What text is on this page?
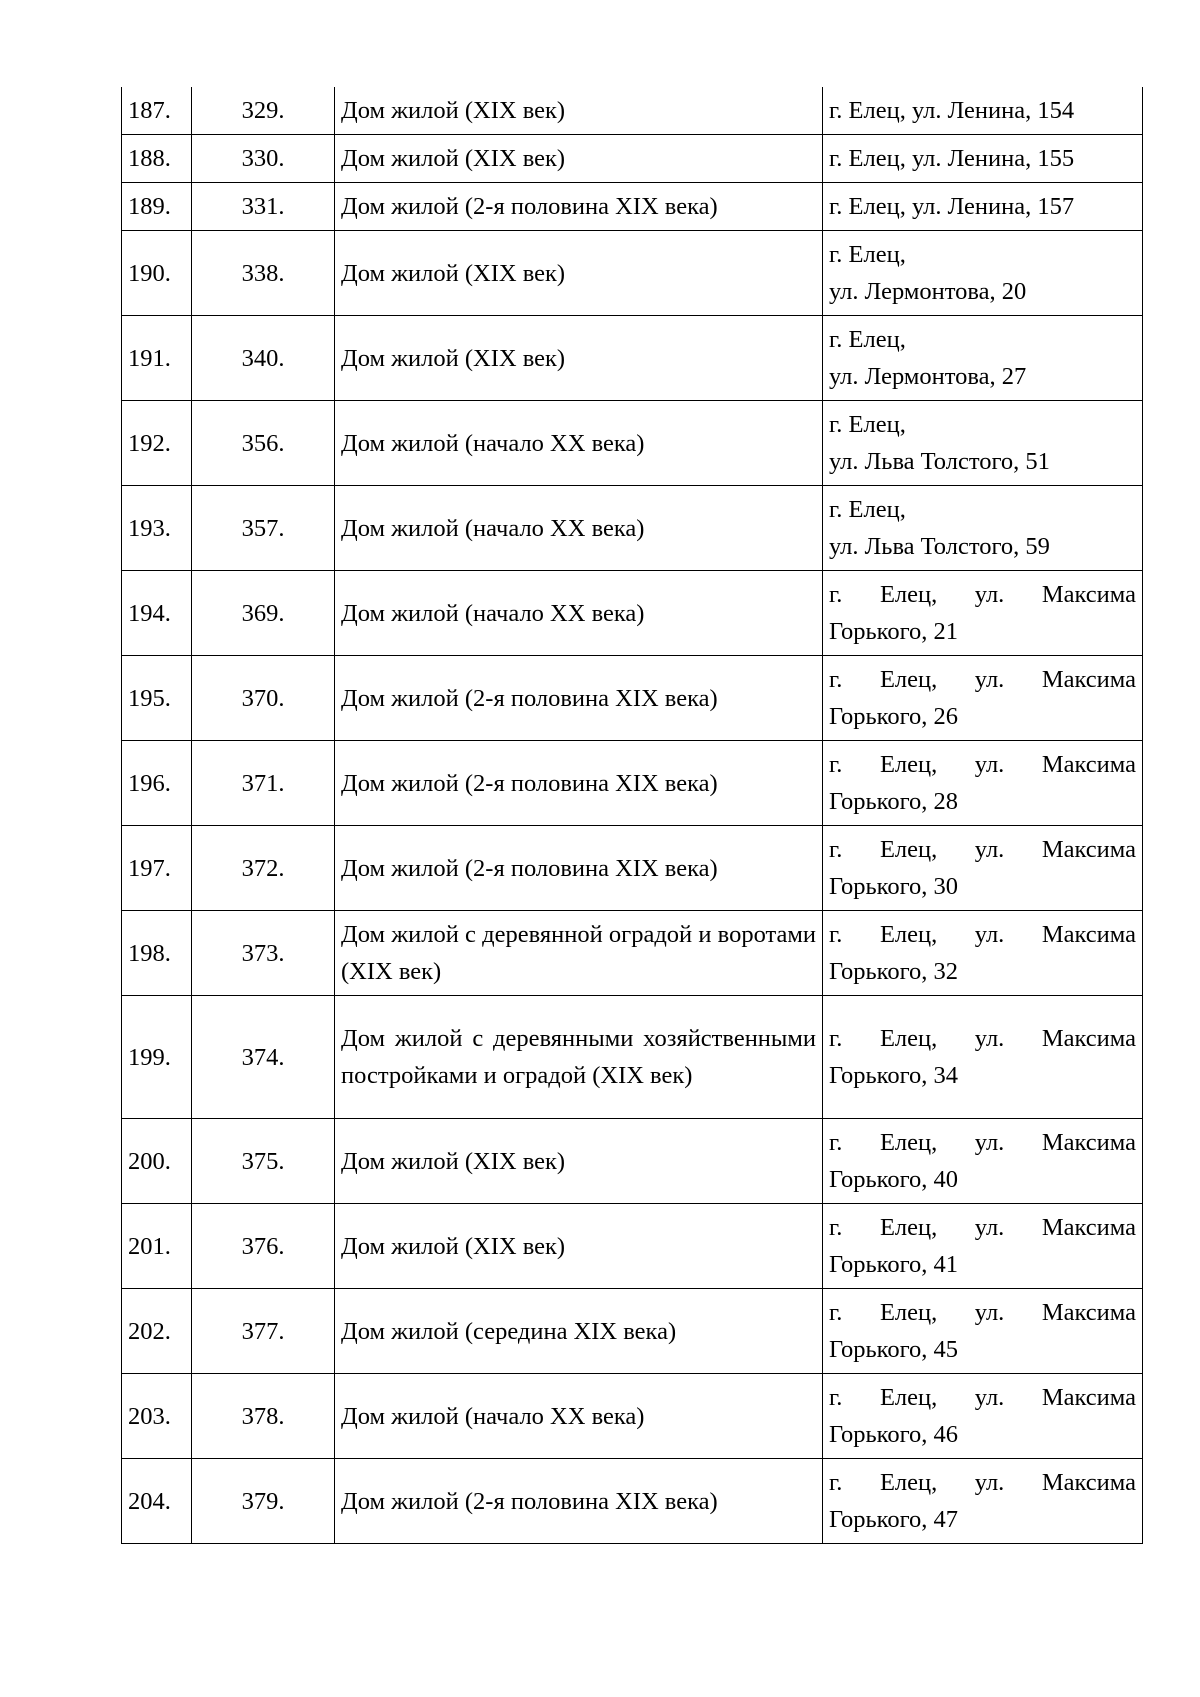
187.	329.	Дом жилой (XIX век)	г. Елец, ул. Ленина, 154

188.	330.	Дом жилой (XIX век)	г. Елец, ул. Ленина, 155

189.	331.	Дом жилой (2-я половина XIX века)	г. Елец, ул. Ленина, 157

190.	338.	Дом жилой (XIX век)	г. Елец,
ул. Лермонтова, 20

191.	340.	Дом жилой (XIX век)	г. Елец,
ул. Лермонтова, 27

192.	356.	Дом жилой (начало XX века)	г. Елец,
ул. Льва Толстого, 51

193.	357.	Дом жилой (начало XX века)	г. Елец,
ул. Льва Толстого, 59

194.	369.	Дом жилой (начало XX века)	г. Елец, ул. Максима
Горького, 21

195.	370.	Дом жилой (2-я половина XIX века)	г. Елец, ул. Максима
Горького, 26

196.	371.	Дом жилой (2-я половина XIX века)	г. Елец, ул. Максима
Горького, 28

197.	372.	Дом жилой (2-я половина XIX века)	г. Елец, ул. Максима
Горького, 30

198.	373.	Дом жилой с деревянной оградой и воротами (XIX век)	г. Елец, ул. Максима
Горького, 32

199.	374.	Дом жилой с деревянными хозяйственными постройками и оградой (XIX век)	г. Елец, ул. Максима
Горького, 34

200.	375.	Дом жилой (XIX век)	г. Елец, ул. Максима
Горького, 40

201.	376.	Дом жилой (XIX век)	г. Елец, ул. Максима
Горького, 41

202.	377.	Дом жилой (середина XIX века)	г. Елец, ул. Максима
Горького, 45

203.	378.	Дом жилой (начало XX века)	г. Елец, ул. Максима
Горького, 46

204.	379.	Дом жилой (2-я половина XIX века)	г. Елец, ул. Максима
Горького, 47
